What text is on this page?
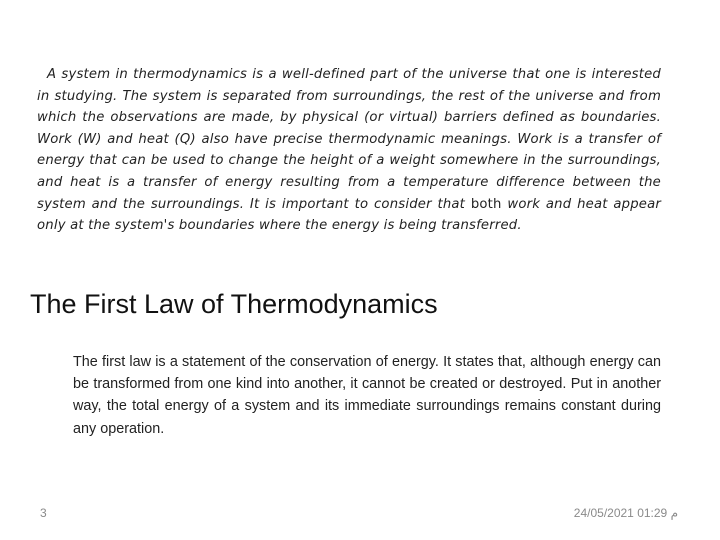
A system in thermodynamics is a well-defined part of the universe that one is interested in studying. The system is separated from surroundings, the rest of the universe and from which the observations are made, by physical (or virtual) barriers defined as boundaries. Work (W) and heat (Q) also have precise thermodynamic meanings. Work is a transfer of energy that can be used to change the height of a weight somewhere in the surroundings, and heat is a transfer of energy resulting from a temperature difference between the system and the surroundings. It is important to consider that both work and heat appear only at the system's boundaries where the energy is being transferred.

The First Law of Thermodynamics

The first law is a statement of the conservation of energy. It states that, although energy can be transformed from one kind into another, it cannot be created or destroyed. Put in another way, the total energy of a system and its immediate surroundings remains constant during any operation.

3	م 01:29 24/05/2021
